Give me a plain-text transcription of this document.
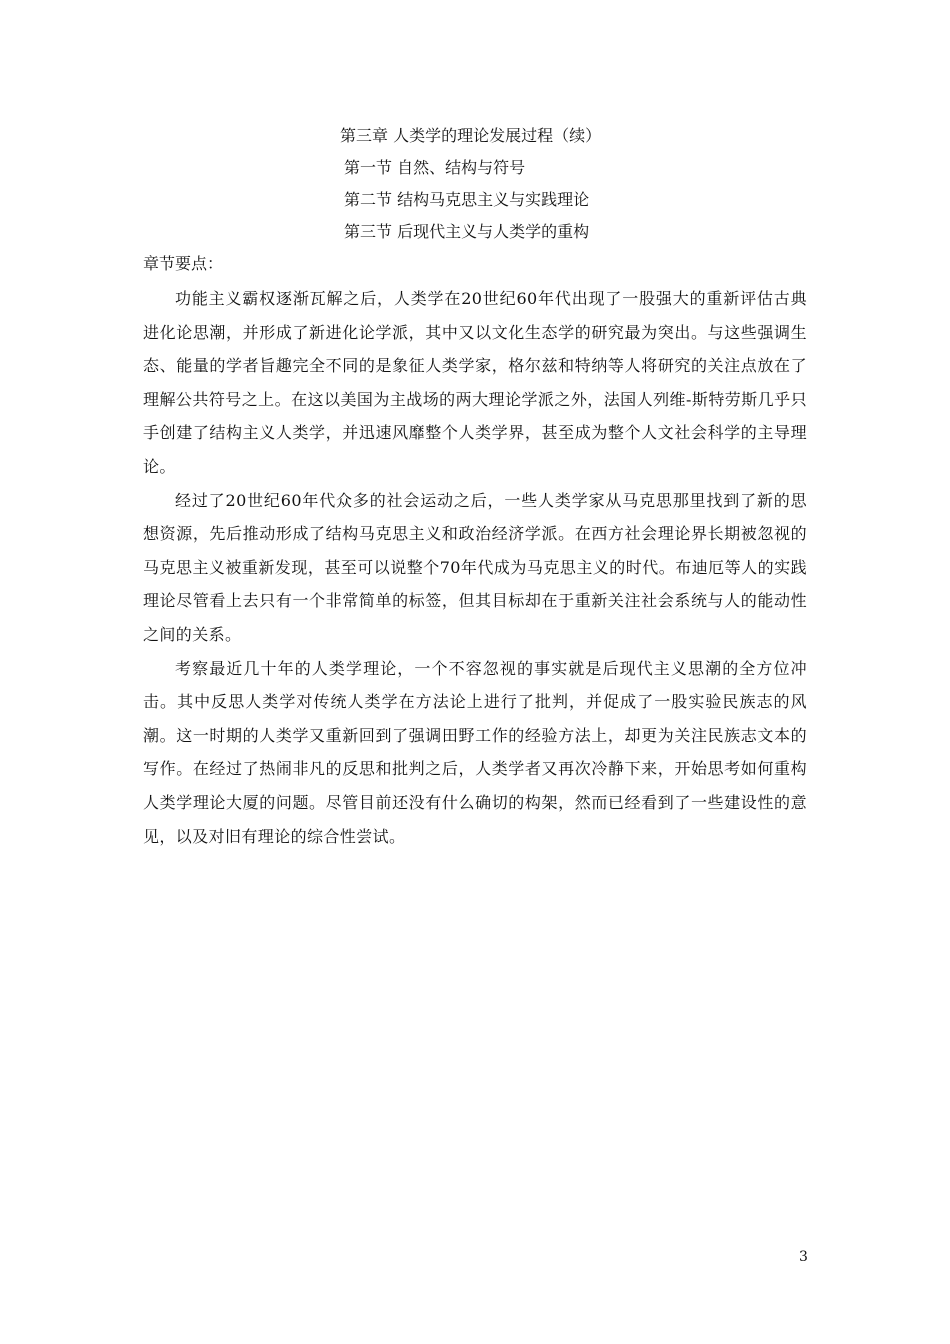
第三章 人类学的理论发展过程（续）
第一节 自然、结构与符号
第二节 结构马克思主义与实践理论
第三节 后现代主义与人类学的重构
章节要点：

功能主义霸权逐渐瓦解之后，人类学在20世纪60年代出现了一股强大的重新评估古典进化论思潮，并形成了新进化论学派，其中又以文化生态学的研究最为突出。与这些强调生态、能量的学者旨趣完全不同的是象征人类学家，格尔兹和特纳等人将研究的关注点放在了理解公共符号之上。在这以美国为主战场的两大理论学派之外，法国人列维-斯特劳斯几乎只手创建了结构主义人类学，并迅速风靡整个人类学界，甚至成为整个人文社会科学的主导理论。

经过了20世纪60年代众多的社会运动之后，一些人类学家从马克思那里找到了新的思想资源，先后推动形成了结构马克思主义和政治经济学派。在西方社会理论界长期被忽视的马克思主义被重新发现，甚至可以说整个70年代成为马克思主义的时代。布迪厄等人的实践理论尽管看上去只有一个非常简单的标签，但其目标却在于重新关注社会系统与人的能动性之间的关系。

考察最近几十年的人类学理论，一个不容忽视的事实就是后现代主义思潮的全方位冲击。其中反思人类学对传统人类学在方法论上进行了批判，并促成了一股实验民族志的风潮。这一时期的人类学又重新回到了强调田野工作的经验方法上，却更为关注民族志文本的写作。在经过了热闹非凡的反思和批判之后，人类学者又再次冷静下来，开始思考如何重构人类学理论大厦的问题。尽管目前还没有什么确切的构架，然而已经看到了一些建设性的意见，以及对旧有理论的综合性尝试。

3
